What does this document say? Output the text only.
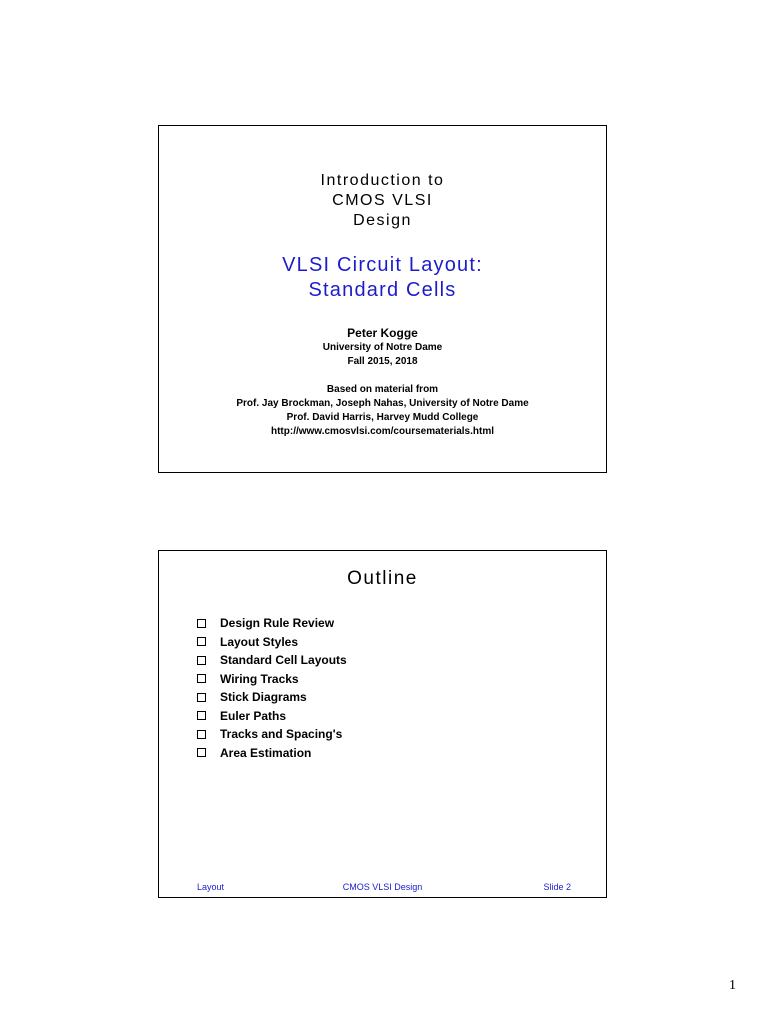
Introduction to
CMOS VLSI
Design
VLSI Circuit Layout:
Standard Cells
Peter Kogge
University of Notre Dame
Fall 2015, 2018
Based on material from
Prof. Jay Brockman, Joseph Nahas, University of Notre Dame
Prof. David Harris, Harvey Mudd College
http://www.cmosvlsi.com/coursematerials.html
Outline
Design Rule Review
Layout Styles
Standard Cell Layouts
Wiring Tracks
Stick Diagrams
Euler Paths
Tracks and Spacing's
Area Estimation
Layout	CMOS VLSI Design	Slide 2
1
